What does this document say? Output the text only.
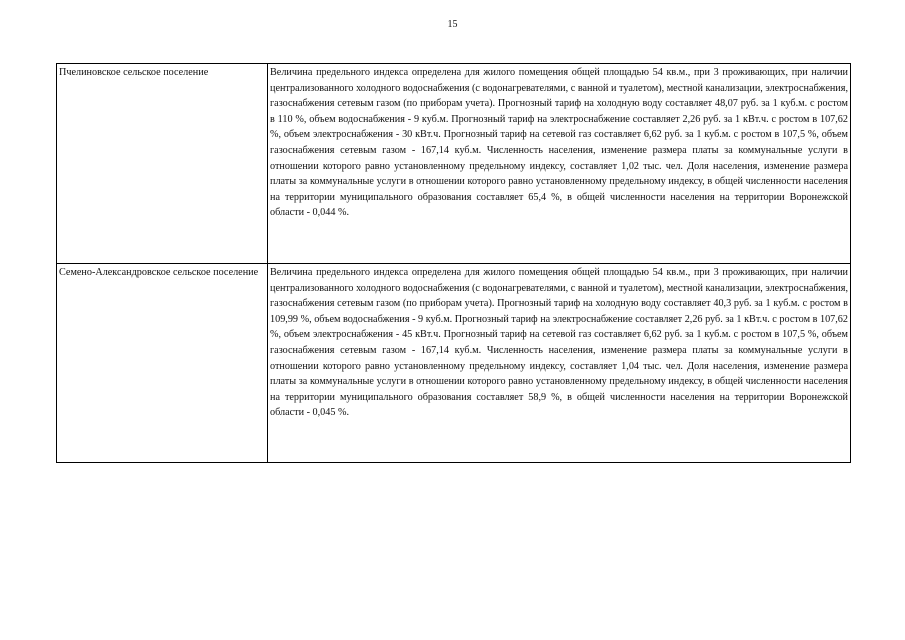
15
Пчелиновское сельское поселение	Величина предельного индекса определена для жилого помещения общей площадью 54 кв.м., при 3 проживающих, при наличии централизованного холодного водоснабжения (с водонагревателями, с ванной и туалетом), местной канализации, электроснабжения, газоснабжения сетевым газом (по приборам учета). Прогнозный тариф на холодную воду составляет 48,07 руб. за 1 куб.м. с ростом в 110 %, объем водоснабжения - 9 куб.м. Прогнозный тариф на электроснабжение составляет 2,26 руб. за 1 кВт.ч. с ростом в 107,62 %, объем электроснабжения - 30 кВт.ч. Прогнозный тариф на сетевой газ составляет 6,62 руб. за 1 куб.м. с ростом в 107,5 %, объем газоснабжения сетевым газом - 167,14 куб.м. Численность населения, изменение размера платы за коммунальные услуги в отношении которого равно установленному предельному индексу, составляет 1,02 тыс. чел. Доля населения, изменение размера платы за коммунальные услуги в отношении которого равно установленному предельному индексу, в общей численности населения на территории муниципального образования составляет 65,4 %, в общей численности населения на территории Воронежской области - 0,044 %.

Семено-Александровское сельское поселение	Величина предельного индекса определена для жилого помещения общей площадью 54 кв.м., при 3 проживающих, при наличии централизованного холодного водоснабжения (с водонагревателями, с ванной и туалетом), местной канализации, электроснабжения, газоснабжения сетевым газом (по приборам учета). Прогнозный тариф на холодную воду составляет 40,3 руб. за 1 куб.м. с ростом в 109,99 %, объем водоснабжения - 9 куб.м. Прогнозный тариф на электроснабжение составляет 2,26 руб. за 1 кВт.ч. с ростом в 107,62 %, объем электроснабжения - 45 кВт.ч. Прогнозный тариф на сетевой газ составляет 6,62 руб. за 1 куб.м. с ростом в 107,5 %, объем газоснабжения сетевым газом - 167,14 куб.м. Численность населения, изменение размера платы за коммунальные услуги в отношении которого равно установленному предельному индексу, составляет 1,04 тыс. чел. Доля населения, изменение размера платы за коммунальные услуги в отношении которого равно установленному предельному индексу, в общей численности населения на территории муниципального образования составляет 58,9 %, в общей численности населения на территории Воронежской области - 0,045 %.
